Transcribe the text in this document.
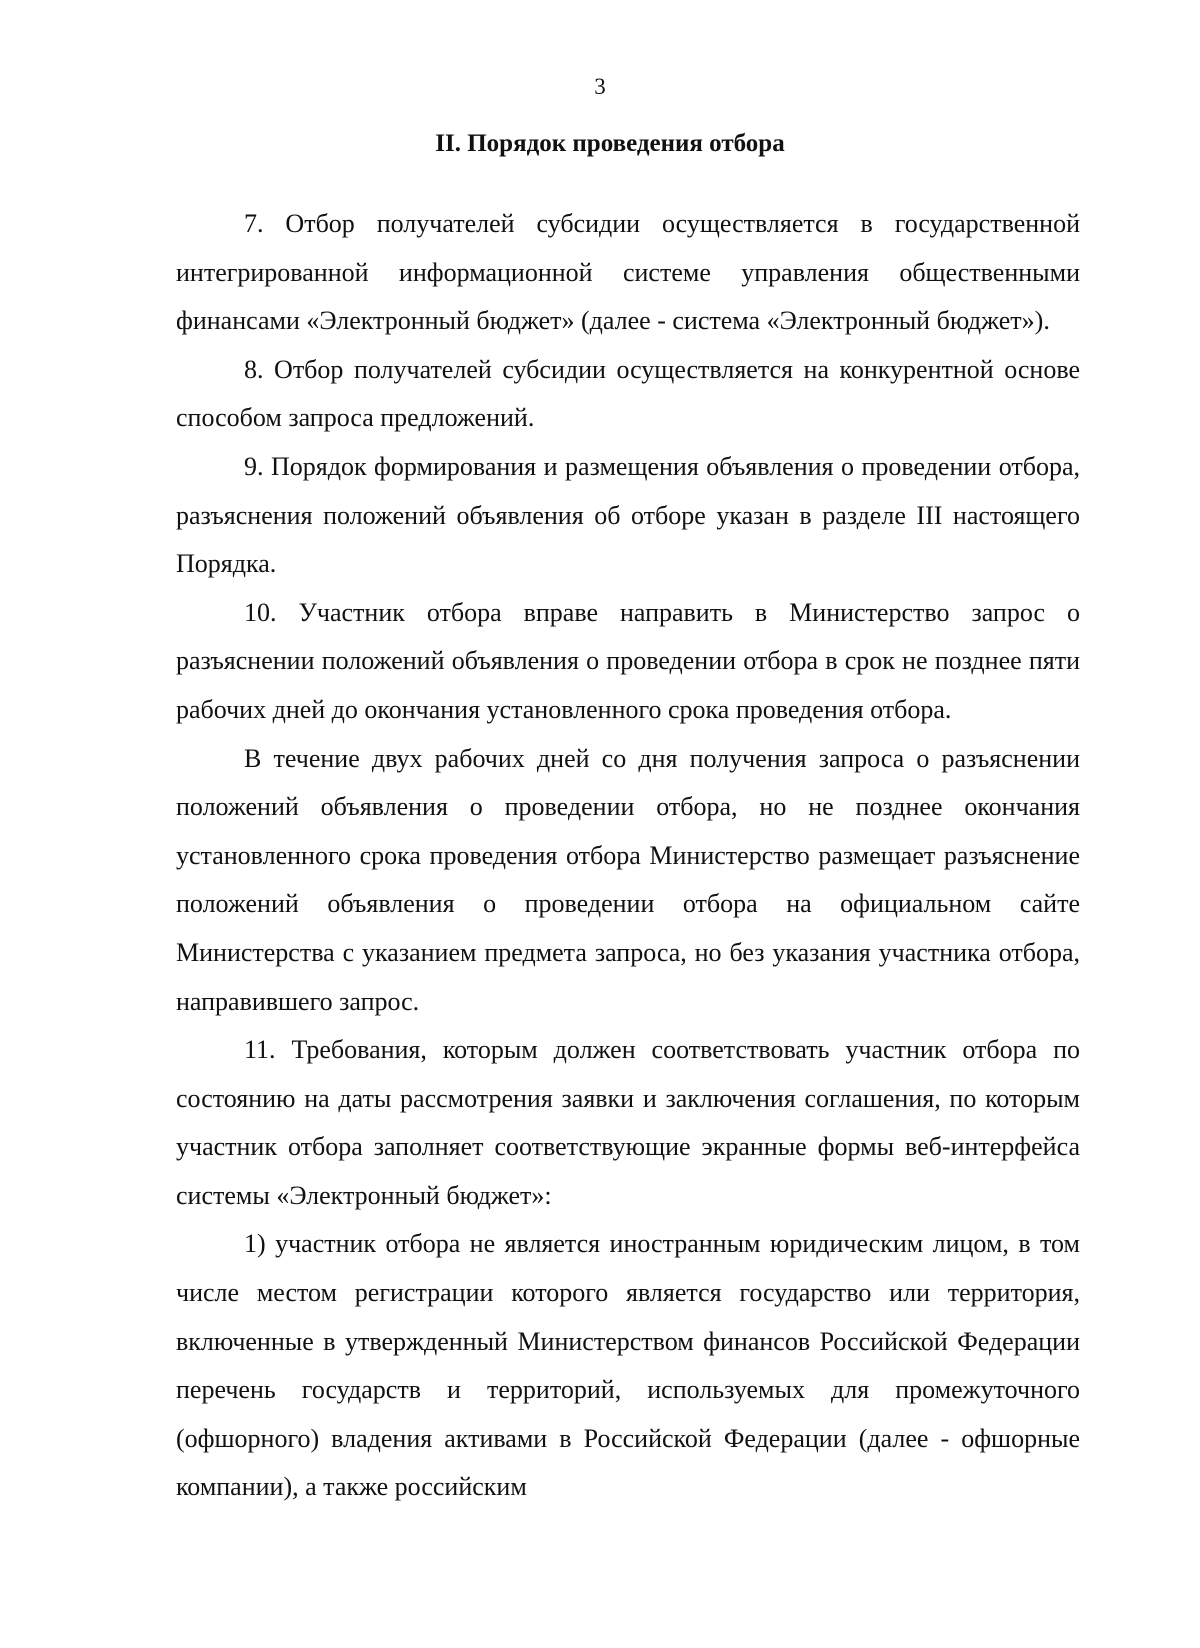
3
II. Порядок проведения отбора

7. Отбор получателей субсидии осуществляется в государственной интегрированной информационной системе управления общественными финансами «Электронный бюджет» (далее - система «Электронный бюджет»).

8. Отбор получателей субсидии осуществляется на конкурентной основе способом запроса предложений.

9. Порядок формирования и размещения объявления о проведении отбора, разъяснения положений объявления об отборе указан в разделе III настоящего Порядка.

10. Участник отбора вправе направить в Министерство запрос о разъяснении положений объявления о проведении отбора в срок не позднее пяти рабочих дней до окончания установленного срока проведения отбора.

В течение двух рабочих дней со дня получения запроса о разъяснении положений объявления о проведении отбора, но не позднее окончания установленного срока проведения отбора Министерство размещает разъяснение положений объявления о проведении отбора на официальном сайте Министерства с указанием предмета запроса, но без указания участника отбора, направившего запрос.

11. Требования, которым должен соответствовать участник отбора по состоянию на даты рассмотрения заявки и заключения соглашения, по которым участник отбора заполняет соответствующие экранные формы веб-интерфейса системы «Электронный бюджет»:

1) участник отбора не является иностранным юридическим лицом, в том числе местом регистрации которого является государство или территория, включенные в утвержденный Министерством финансов Российской Федерации перечень государств и территорий, используемых для промежуточного (офшорного) владения активами в Российской Федерации (далее - офшорные компании), а также российским
